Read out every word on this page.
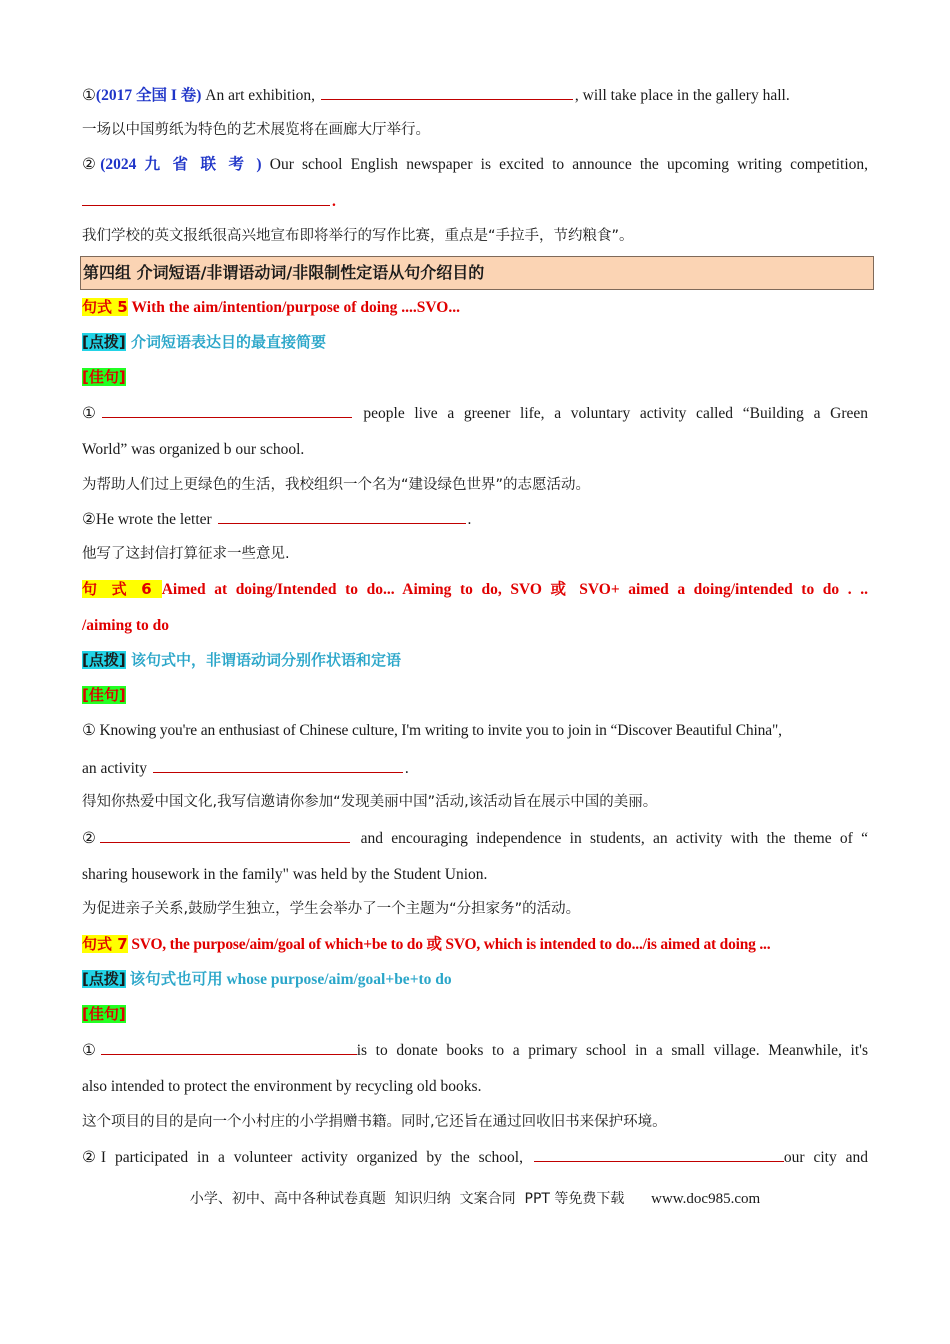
①(2017 全国 I 卷) An art exhibition,	, will take place in the gallery hall.
一场以中国剪纸为特色的艺术展览将在画廊大厅举行。
②(2024 九 省 联 考 ) Our school English newspaper is excited to announce the upcoming writing competition,
.
我们学校的英文报纸很高兴地宣布即将举行的写作比赛，重点是“手拉手，节约粮食”。
第四组 介词短语/非谓语动词/非限制性定语从句介绍目的
句式 5 With the aim/intention/purpose of doing ....SVO...
[点拨] 介词短语表达目的最直接简要
[佳句]
①	people live a greener life, a voluntary activity called “Building a Green
World” was organized b our school.
为帮助人们过上更绿色的生活，我校组织一个名为“建设绿色世界”的志愿活动。
②He wrote the letter	.
他写了这封信打算征求一些意见.
句 式 6 Aimed at doing/Intended to do... Aiming to do, SVO 或 SVO+ aimed a doing/intended to do . ..
/aiming to do
[点拨] 该句式中，非谓语动词分别作状语和定语
[佳句]
① Knowing you're an enthusiast of Chinese culture, I'm writing to invite you to join in “Discover Beautiful China",
an activity	.
得知你热爱中国文化,我写信邀请你参加“发现美丽中国”活动,该活动旨在展示中国的美丽。
②	and encouraging independence in students, an activity with the theme of “
sharing housework in the family" was held by the Student Union.
为促进亲子关系,鼓励学生独立，学生会举办了一个主题为“分担家务”的活动。
句式 7 SVO, the purpose/aim/goal of which+be to do 或 SVO, which is intended to do.../is aimed at doing ...
[点拨] 该句式也可用 whose purpose/aim/goal+be+to do
[佳句]
①	is to donate books to a primary school in a small village. Meanwhile, it's
also intended to protect the environment by recycling old books.
这个项目的目的是向一个小村庄的小学捐赠书籍。同时,它还旨在通过回收旧书来保护环境。
②I participated in a volunteer activity organized by the school,	our city and
小学、初中、高中各种试卷真题  知识归纳  文案合同  PPT 等免费下载 www.doc985.com
